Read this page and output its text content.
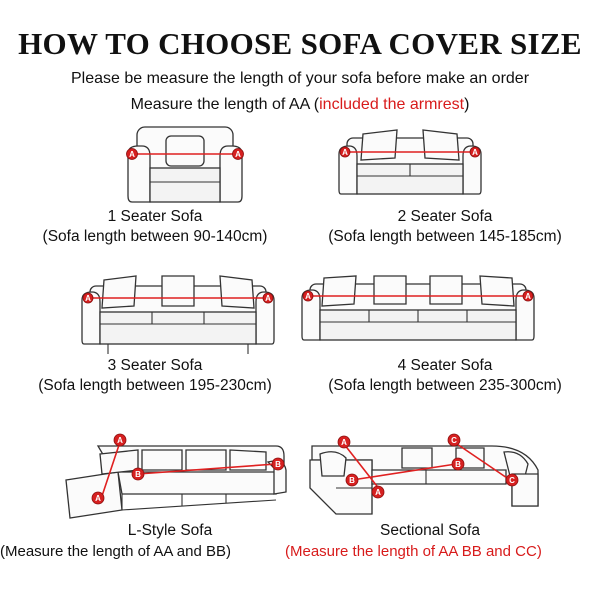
HOW TO CHOOSE SOFA COVER SIZE
Please be measure the length of your sofa before make an order
Measure the length of AA (included the armrest)
A	A	A	A
1 Seater Sofa
(Sofa length between 90-140cm)
2 Seater Sofa
(Sofa length between 145-185cm)
A	A	A	A
3 Seater Sofa
(Sofa length between 195-230cm)
4 Seater Sofa
(Sofa length between 235-300cm)
A
A
B
B
A
A
B
B
C
C
L-Style Sofa	Sectional Sofa
(Measure the length of AA and BB)	(Measure the length of AA BB and CC)
